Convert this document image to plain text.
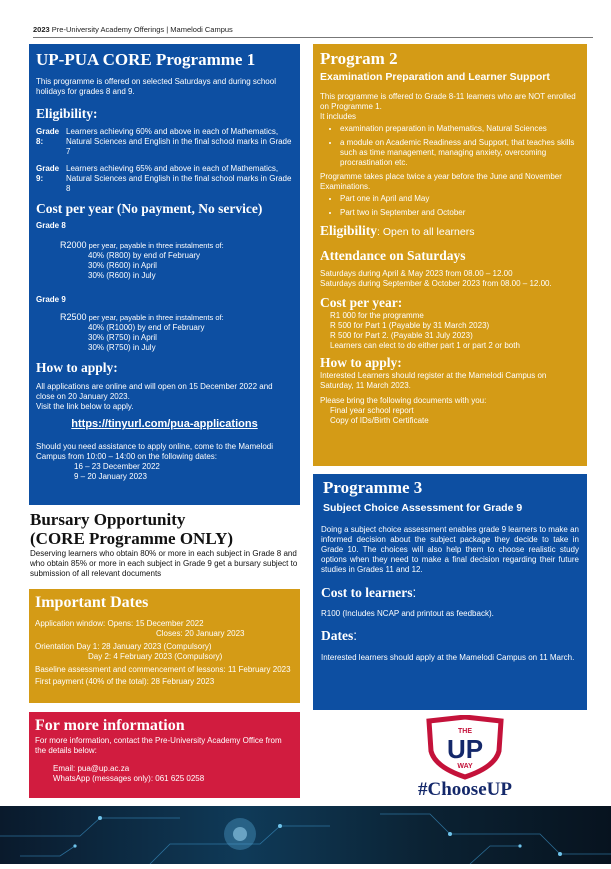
2023 Pre-University Academy Offerings | Mamelodi Campus

UP-PUA CORE Programme 1

This programme is offered on selected Saturdays and during school holidays for grades 8 and 9.

Eligibility:

Grade 8:
Learners achieving 60% and above in each of Mathematics, Natural Sciences and English in the final school marks in Grade 7
Grade 9:
Learners achieving 65% and above in each of Mathematics, Natural Sciences and English in the final school marks in Grade 8

Cost per year (No payment, No service)

Grade 8

R2000 per year, payable in three instalments of:

40% (R800) by end of February

30% (R600) in April

30% (R600) in July

Grade 9

R2500 per year, payable in three instalments of:

40% (R1000) by end of February

30% (R750) in April

30% (R750) in July

How to apply:

All applications are online and will open on 15 December 2022 and close on 20 January 2023.

Visit the link below to apply.

https://tinyurl.com/pua-applications

Should you need assistance to apply online, come to the Mamelodi Campus from 10:00 – 14:00 on the following dates:

16 – 23 December 2022

9 – 20 January 2023

Bursary Opportunity
(CORE Programme ONLY)

Deserving learners who obtain 80% or more in each subject in Grade 8 and who obtain 85% or more in each subject in Grade 9 get a bursary subject to submission of all relevant documents

Important Dates

Application window: Opens: 15 December 2022

Closes: 20 January 2023

Orientation Day 1: 28 January 2023 (Compulsory)

Day 2: 4 February 2023 (Compulsory)

Baseline assessment and commencement of lessons: 11 February 2023

First payment (40% of the total): 28 February 2023

For more information

For more information, contact the Pre-University Academy Office from the details below:

Email: pua@up.ac.za

WhatsApp (messages only): 061 625 0258

Program 2

Examination Preparation and Learner Support

This programme is offered to Grade 8-11 learners who are NOT enrolled on Programme 1.

It includes

• examination preparation in Mathematics, Natural Sciences
• a module on Academic Readiness and Support, that teaches skills such as time management, managing anxiety, overcoming procrastination etc.

Programme takes place twice a year before the June and November Examinations.

• Part one in April and May
• Part two in September and October

Eligibility: Open to all learners

Attendance on Saturdays

Saturdays during April & May 2023 from 08.00 – 12.00

Saturdays during September & October 2023 from 08.00 – 12.00.

Cost per year:

R1 000 for the programme

R 500 for Part 1 (Payable by 31 March 2023)

R 500 for Part 2. (Payable 31 July 2023)

Learners can elect to do either part 1 or part 2 or both

How to apply:

Interested Learners should register at the Mamelodi Campus on Saturday, 11 March 2023.

Please bring the following documents with you:

Final year school report

Copy of IDs/Birth Certificate

Programme 3

Subject Choice Assessment for Grade 9

Doing a subject choice assessment enables grade 9 learners to make an informed decision about the subject package they decide to take in Grade 10. The choices will also help them to choose realistic study options when they need to make a final decision regarding their future studies in Grades 11 and 12.

Cost to learners:

R100 (Includes NCAP and printout as feedback).

Dates:

Interested learners should apply at the Mamelodi Campus on 11 March.

THE
UP
WAY
#ChooseUP
